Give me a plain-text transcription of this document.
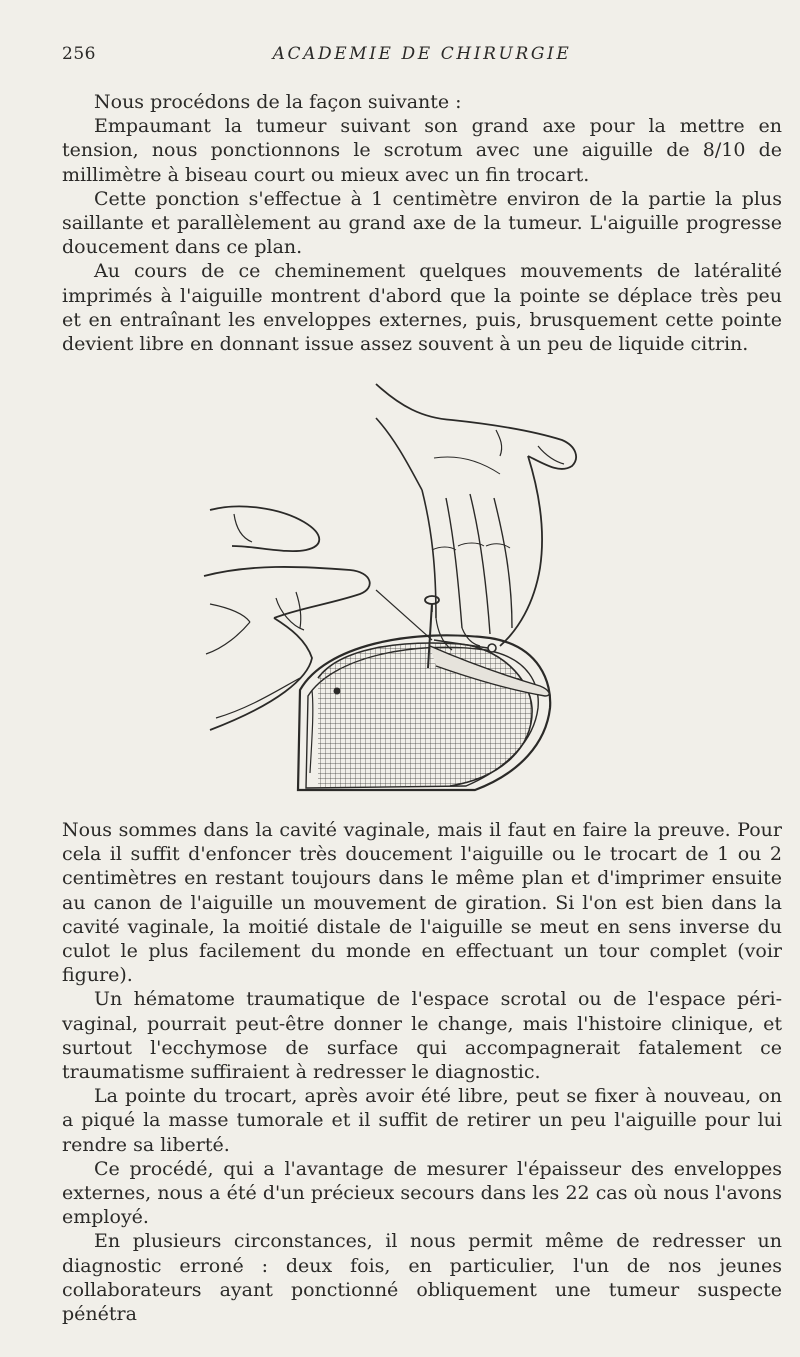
256	ACADEMIE DE CHIRURGIE

Nous procédons de la façon suivante :

Empaumant la tumeur suivant son grand axe pour la mettre en tension, nous ponctionnons le scrotum avec une aiguille de 8/10 de millimètre à biseau court ou mieux avec un fin trocart.

Cette ponction s'effectue à 1 centimètre environ de la partie la plus saillante et parallèlement au grand axe de la tumeur. L'aiguille progresse doucement dans ce plan.

Au cours de ce cheminement quelques mouvements de latéralité imprimés à l'aiguille montrent d'abord que la pointe se déplace très peu et en entraînant les enveloppes externes, puis, brusquement cette pointe devient libre en donnant issue assez souvent à un peu de liquide citrin.

Nous sommes dans la cavité vaginale, mais il faut en faire la preuve. Pour cela il suffit d'enfoncer très doucement l'aiguille ou le trocart de 1 ou 2 centimètres en restant toujours dans le même plan et d'imprimer ensuite au canon de l'aiguille un mouvement de giration. Si l'on est bien dans la cavité vaginale, la moitié distale de l'aiguille se meut en sens inverse du culot le plus facilement du monde en effectuant un tour complet (voir figure).

Un hématome traumatique de l'espace scrotal ou de l'espace péri-vaginal, pourrait peut-être donner le change, mais l'histoire clinique, et surtout l'ecchymose de surface qui accompagnerait fatalement ce traumatisme suffiraient à redresser le diagnostic.

La pointe du trocart, après avoir été libre, peut se fixer à nouveau, on a piqué la masse tumorale et il suffit de retirer un peu l'aiguille pour lui rendre sa liberté.

Ce procédé, qui a l'avantage de mesurer l'épaisseur des enveloppes externes, nous a été d'un précieux secours dans les 22 cas où nous l'avons employé.

En plusieurs circonstances, il nous permit même de redresser un diagnostic erroné : deux fois, en particulier, l'un de nos jeunes collaborateurs ayant ponctionné obliquement une tumeur suspecte pénétra
